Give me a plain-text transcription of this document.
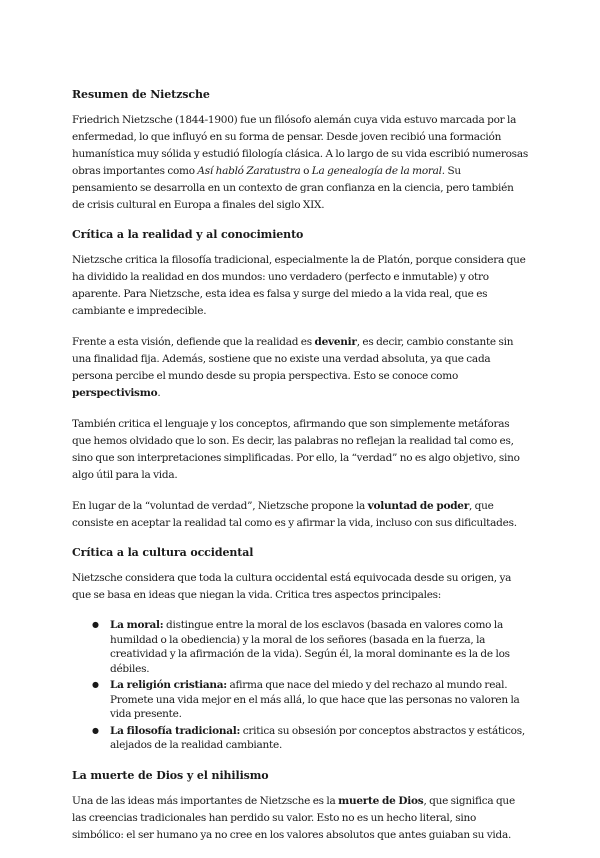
Resumen de Nietzsche

Friedrich Nietzsche (1844-1900) fue un filósofo alemán cuya vida estuvo marcada por la enfermedad, lo que influyó en su forma de pensar. Desde joven recibió una formación humanística muy sólida y estudió filología clásica. A lo largo de su vida escribió numerosas obras importantes como Así habló Zaratustra o La genealogía de la moral. Su pensamiento se desarrolla en un contexto de gran confianza en la ciencia, pero también de crisis cultural en Europa a finales del siglo XIX.

Crítica a la realidad y al conocimiento

Nietzsche critica la filosofía tradicional, especialmente la de Platón, porque considera que ha dividido la realidad en dos mundos: uno verdadero (perfecto e inmutable) y otro aparente. Para Nietzsche, esta idea es falsa y surge del miedo a la vida real, que es cambiante e impredecible.

Frente a esta visión, defiende que la realidad es devenir, es decir, cambio constante sin una finalidad fija. Además, sostiene que no existe una verdad absoluta, ya que cada persona percibe el mundo desde su propia perspectiva. Esto se conoce como perspectivismo.

También critica el lenguaje y los conceptos, afirmando que son simplemente metáforas que hemos olvidado que lo son. Es decir, las palabras no reflejan la realidad tal como es, sino que son interpretaciones simplificadas. Por ello, la “verdad” no es algo objetivo, sino algo útil para la vida.

En lugar de la “voluntad de verdad”, Nietzsche propone la voluntad de poder, que consiste en aceptar la realidad tal como es y afirmar la vida, incluso con sus dificultades.

Crítica a la cultura occidental

Nietzsche considera que toda la cultura occidental está equivocada desde su origen, ya que se basa en ideas que niegan la vida. Critica tres aspectos principales:

● La moral: distingue entre la moral de los esclavos (basada en valores como la humildad o la obediencia) y la moral de los señores (basada en la fuerza, la creatividad y la afirmación de la vida). Según él, la moral dominante es la de los débiles.
● La religión cristiana: afirma que nace del miedo y del rechazo al mundo real. Promete una vida mejor en el más allá, lo que hace que las personas no valoren la vida presente.
● La filosofía tradicional: critica su obsesión por conceptos abstractos y estáticos, alejados de la realidad cambiante.
La muerte de Dios y el nihilismo

Una de las ideas más importantes de Nietzsche es la muerte de Dios, que significa que las creencias tradicionales han perdido su valor. Esto no es un hecho literal, sino simbólico: el ser humano ya no cree en los valores absolutos que antes guiaban su vida.
